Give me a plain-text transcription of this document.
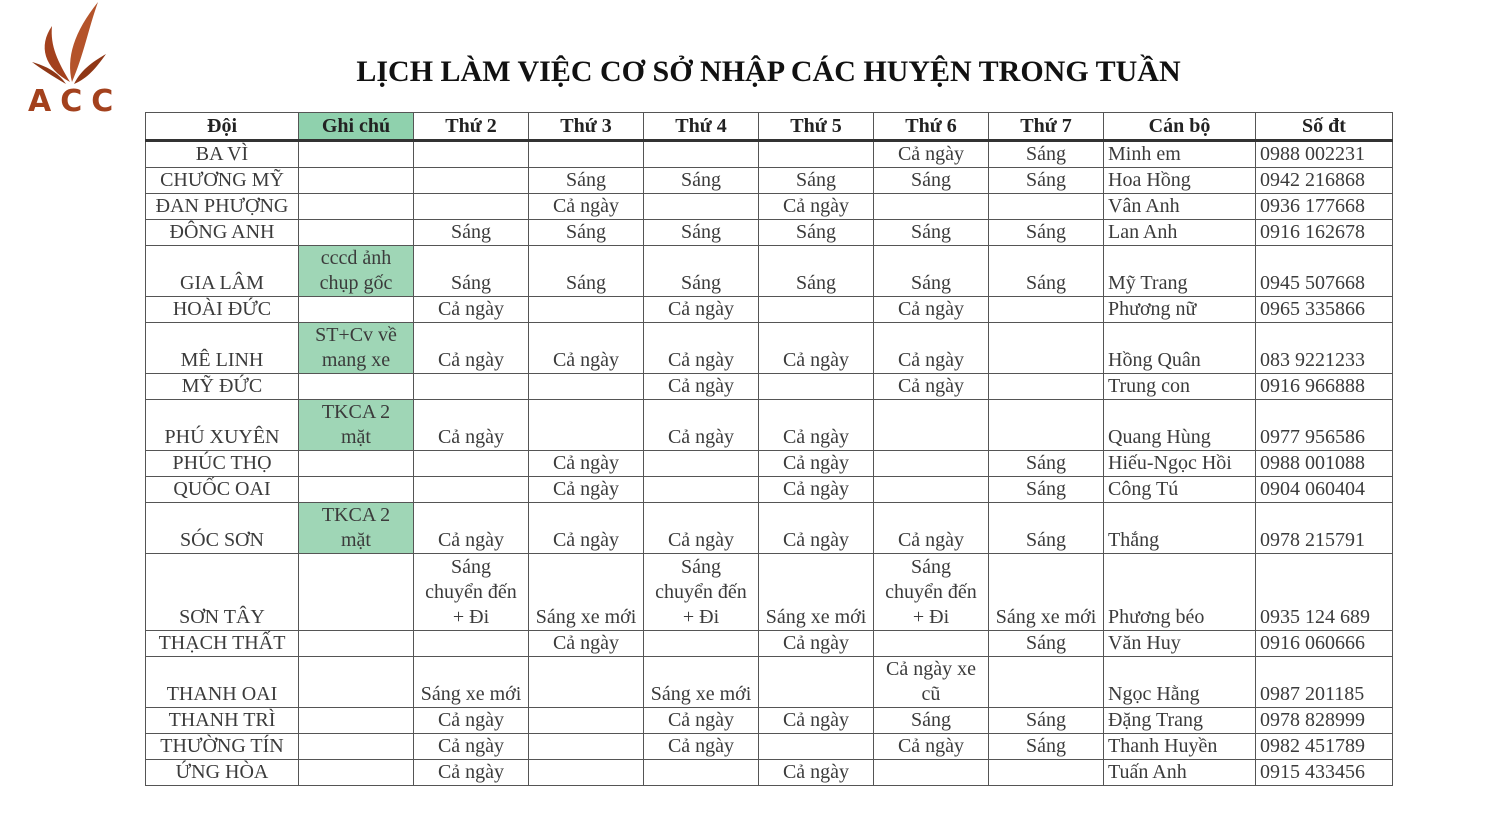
ACC
LỊCH LÀM VIỆC CƠ SỞ NHẬP CÁC HUYỆN TRONG TUẦN
Đội	Ghi chú	Thứ 2	Thứ 3	Thứ 4	Thứ 5	Thứ 6	Thứ 7	Cán bộ	Số đt
BA VÌ						Cả ngày	Sáng	Minh em	0988 002231
CHƯƠNG MỸ			Sáng	Sáng	Sáng	Sáng	Sáng	Hoa Hồng	0942 216868
ĐAN PHƯỢNG			Cả ngày		Cả ngày			Vân Anh	0936 177668
ĐÔNG ANH		Sáng	Sáng	Sáng	Sáng	Sáng	Sáng	Lan Anh	0916 162678
GIA LÂM	cccd ảnh
chụp gốc	Sáng	Sáng	Sáng	Sáng	Sáng	Sáng	Mỹ Trang	0945 507668
HOÀI ĐỨC		Cả ngày		Cả ngày		Cả ngày		Phương nữ	0965 335866
MÊ LINH	ST+Cv về
mang xe	Cả ngày	Cả ngày	Cả ngày	Cả ngày	Cả ngày		Hồng Quân	083 9221233
MỸ ĐỨC				Cả ngày		Cả ngày		Trung con	0916 966888
PHÚ XUYÊN	TKCA 2
mặt	Cả ngày		Cả ngày	Cả ngày			Quang Hùng	0977 956586
PHÚC THỌ			Cả ngày		Cả ngày		Sáng	Hiếu-Ngọc Hồi	0988 001088
QUỐC OAI			Cả ngày		Cả ngày		Sáng	Công Tú	0904 060404
SÓC SƠN	TKCA 2
mặt	Cả ngày	Cả ngày	Cả ngày	Cả ngày	Cả ngày	Sáng	Thắng	0978 215791
SƠN TÂY		Sáng
chuyển đến
+ Đi	Sáng xe mới	Sáng
chuyển đến
+ Đi	Sáng xe mới	Sáng
chuyển đến
+ Đi	Sáng xe mới	Phương béo	0935 124 689
THẠCH THẤT			Cả ngày		Cả ngày		Sáng	Văn Huy	0916 060666
THANH OAI		Sáng xe mới		Sáng xe mới		Cả ngày xe
cũ		Ngọc Hằng	0987 201185
THANH TRÌ		Cả ngày		Cả ngày	Cả ngày	Sáng	Sáng	Đặng Trang	0978 828999
THƯỜNG TÍN		Cả ngày		Cả ngày		Cả ngày	Sáng	Thanh Huyền	0982 451789
ỨNG HÒA		Cả ngày			Cả ngày			Tuấn Anh	0915 433456
